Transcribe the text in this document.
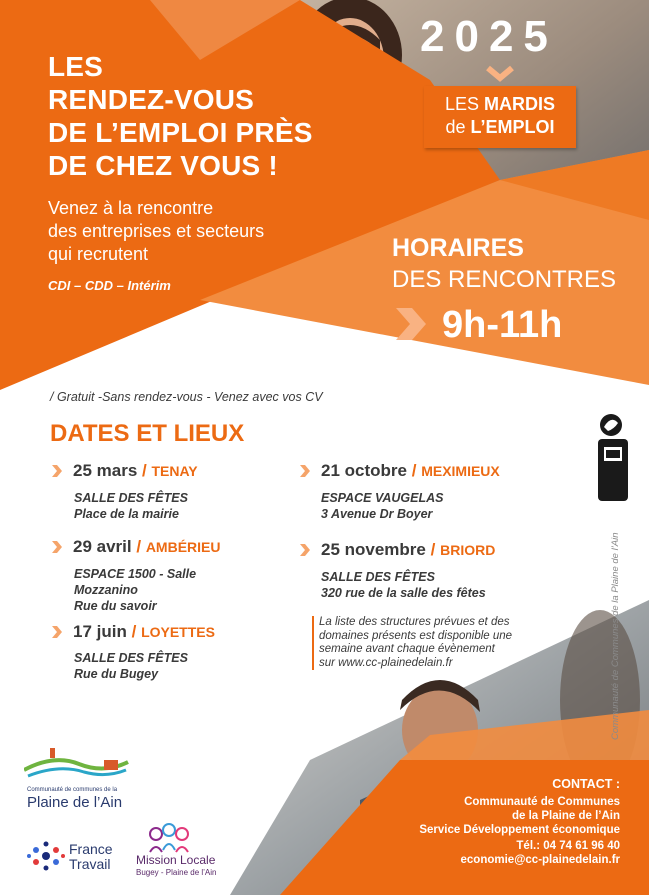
LES
RENDEZ-VOUS
DE L’EMPLOI PRÈS
DE CHEZ VOUS !
Venez à la rencontre
des entreprises et secteurs
qui recrutent
CDI – CDD – Intérim
2025
LES MARDIS
de L’EMPLOI
HORAIRES
DES RENCONTRES
9h-11h
/ Gratuit -Sans rendez-vous - Venez avec vos CV
DATES ET LIEUX
25 mars / TENAY
SALLE DES FÊTES
Place de la mairie
29 avril / AMBÉRIEU
ESPACE 1500 - Salle
Mozzanino
Rue du savoir
17 juin / LOYETTES
SALLE DES FÊTES
Rue du Bugey
21 octobre / MEXIMIEUX
ESPACE VAUGELAS
3 Avenue Dr Boyer
25 novembre / BRIORD
SALLE DES FÊTES
320 rue de la salle des fêtes
La liste des structures prévues et des
domaines présents est disponible une
semaine avant chaque évènement
sur www.cc-plainedelain.fr	Communauté de Communes de la Plaine de l’Ain
CONTACT :
Communauté de Communes
de la Plaine de l’Ain
Service Développement économique
Tél.: 04 74 61 96 40
economie@cc-plainedelain.fr
Communauté de communes de la
Plaine de l’Ain
France
Travail Mission Locale
Bugey - Plaine de l’Ain
